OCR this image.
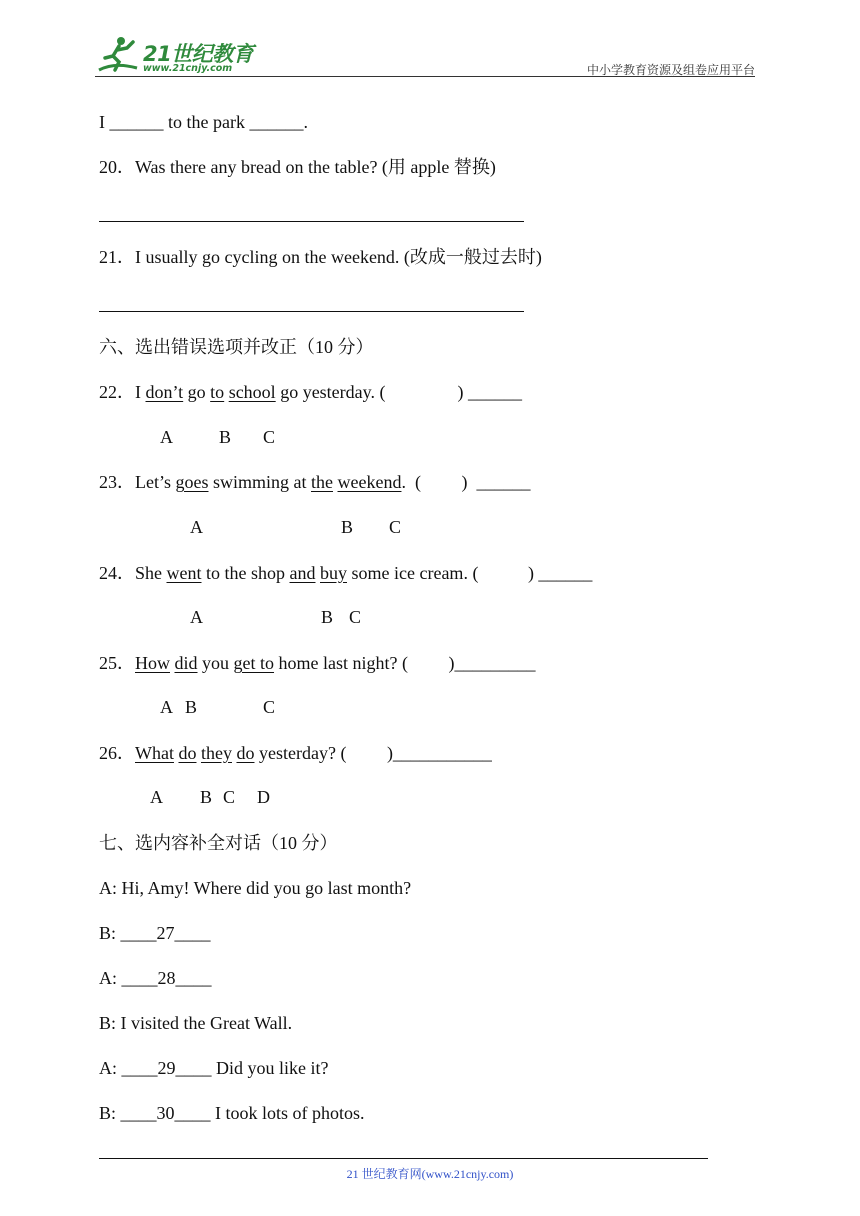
21世纪教育
www.21cnjy.com	中小学教育资源及组卷应用平台
I ______ to the park ______.
20．Was there any bread on the table? (用 apple 替换)
21．I usually go cycling on the weekend. (改成一般过去时)
六、选出错误选项并改正（10 分）
22．I don’t go to school go yesterday. (	) ______
A	B C
23．Let’s goes swimming at the weekend.  ( )  ______
A	B C
24．She went to the shop and buy some ice cream. (	) ______
A	B C
25．How did you get to home last night? ( )_________
A B	C
26．What do they do yesterday? ( )___________
A B C D
七、选内容补全对话（10 分）
A: Hi, Amy! Where did you go last month?
B: ____27____
A: ____28____
B: I visited the Great Wall.
A: ____29____ Did you like it?
B: ____30____ I took lots of photos.
21 世纪教育网(www.21cnjy.com)
